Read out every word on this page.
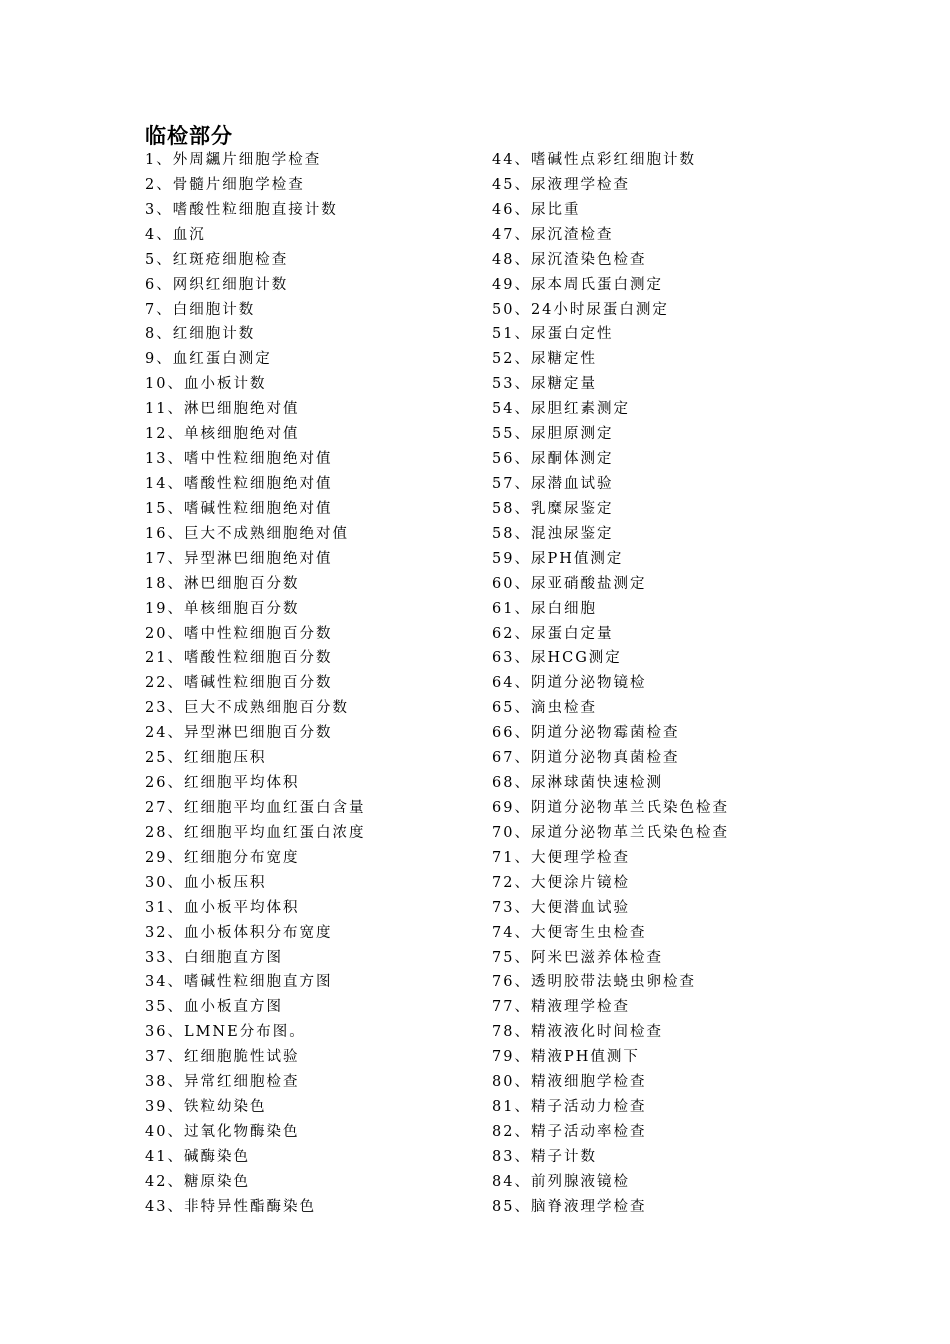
临检部分
1、外周飊片细胞学检查
2、骨髓片细胞学检查
3、嗜酸性粒细胞直接计数
4、血沉
5、红斑疮细胞检查
6、网织红细胞计数
7、白细胞计数
8、红细胞计数
9、血红蛋白测定
10、血小板计数
11、淋巴细胞绝对值
12、单核细胞绝对值
13、嗜中性粒细胞绝对值
14、嗜酸性粒细胞绝对值
15、嗜碱性粒细胞绝对值
16、巨大不成熟细胞绝对值
17、异型淋巴细胞绝对值
18、淋巴细胞百分数
19、单核细胞百分数
20、嗜中性粒细胞百分数
21、嗜酸性粒细胞百分数
22、嗜碱性粒细胞百分数
23、巨大不成熟细胞百分数
24、异型淋巴细胞百分数
25、红细胞压积
26、红细胞平均体积
27、红细胞平均血红蛋白含量
28、红细胞平均血红蛋白浓度
29、红细胞分布宽度
30、血小板压积
31、血小板平均体积
32、血小板体积分布宽度
33、白细胞直方图
34、嗜碱性粒细胞直方图
35、血小板直方图
36、LMNE分布图。
37、红细胞脆性试验
38、异常红细胞检查
39、铁粒幼染色
40、过氧化物酶染色
41、碱酶染色
42、糖原染色
43、非特异性酯酶染色
44、嗜碱性点彩红细胞计数
45、尿液理学检查
46、尿比重
47、尿沉渣检查
48、尿沉渣染色检查
49、尿本周氏蛋白测定
50、24小时尿蛋白测定
51、尿蛋白定性
52、尿糖定性
53、尿糖定量
54、尿胆红素测定
55、尿胆原测定
56、尿酮体测定
57、尿潜血试验
58、乳糜尿鉴定
58、混浊尿鉴定
59、尿PH值测定
60、尿亚硝酸盐测定
61、尿白细胞
62、尿蛋白定量
63、尿HCG测定
64、阴道分泌物镜检
65、滴虫检查
66、阴道分泌物霉菌检查
67、阴道分泌物真菌检查
68、尿淋球菌快速检测
69、阴道分泌物革兰氏染色检查
70、尿道分泌物革兰氏染色检查
71、大便理学检查
72、大便涂片镜检
73、大便潜血试验
74、大便寄生虫检查
75、阿米巴滋养体检查
76、透明胶带法蛲虫卵检查
77、精液理学检查
78、精液液化时间检查
79、精液PH值测下
80、精液细胞学检查
81、精子活动力检查
82、精子活动率检查
83、精子计数
84、前列腺液镜检
85、脑脊液理学检查
